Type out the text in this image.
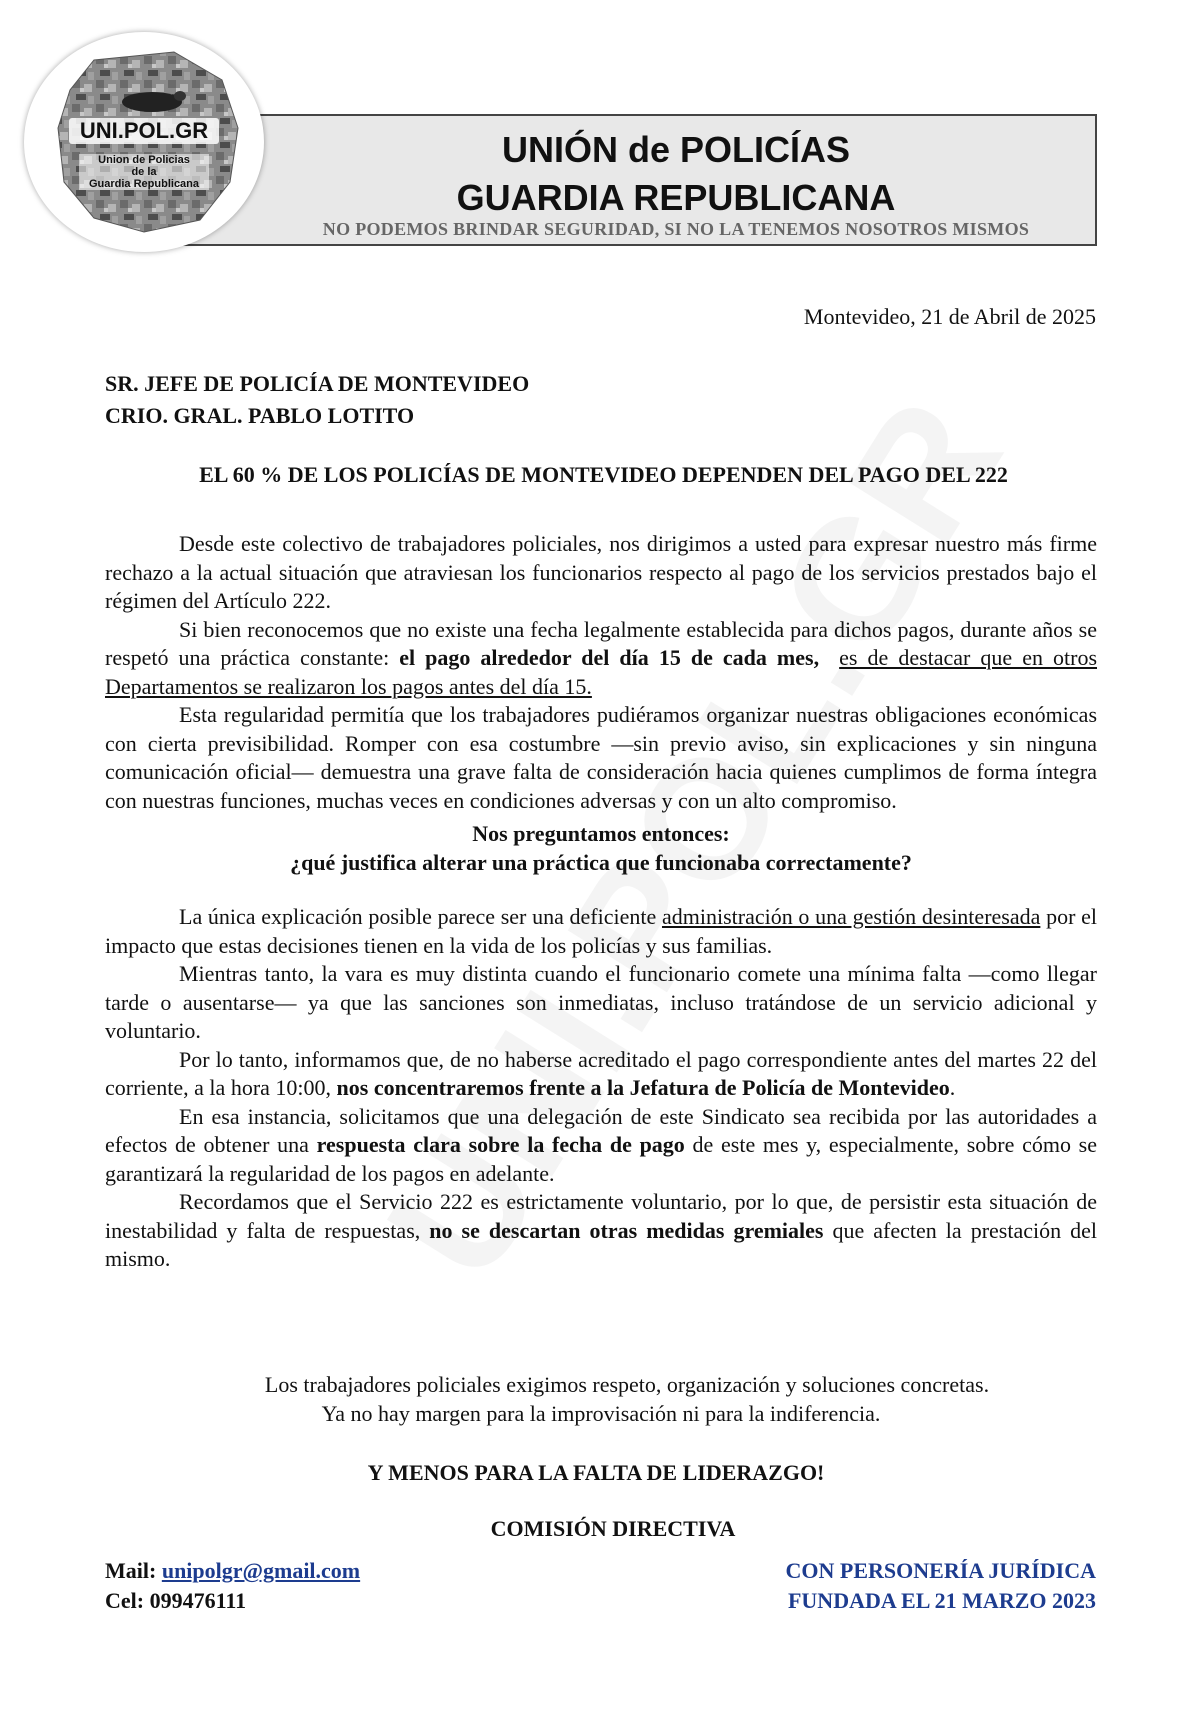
UNIÓN de POLICÍAS
GUARDIA REPUBLICANA
NO PODEMOS BRINDAR SEGURIDAD, SI NO LA TENEMOS NOSOTROS MISMOS
UNI.POL.GR
Union de Policias
de la
Guardia Republicana
Montevideo, 21 de Abril de 2025
SR. JEFE DE POLICÍA DE MONTEVIDEO
CRIO. GRAL. PABLO LOTITO
EL 60 % DE LOS POLICÍAS DE MONTEVIDEO DEPENDEN DEL PAGO DEL 222

Desde este colectivo de trabajadores policiales, nos dirigimos a usted para expresar nuestro más firme rechazo a la actual situación que atraviesan los funcionarios respecto al pago de los servicios prestados bajo el régimen del Artículo 222.

Si bien reconocemos que no existe una fecha legalmente establecida para dichos pagos, durante años se respetó una práctica constante: el pago alrededor del día 15 de cada mes, es de destacar que en otros Departamentos se realizaron los pagos antes del día 15.

Esta regularidad permitía que los trabajadores pudiéramos organizar nuestras obligaciones económicas con cierta previsibilidad. Romper con esa costumbre —sin previo aviso, sin explicaciones y sin ninguna comunicación oficial— demuestra una grave falta de consideración hacia quienes cumplimos de forma íntegra con nuestras funciones, muchas veces en condiciones adversas y con un alto compromiso.

Nos preguntamos entonces:

¿qué justifica alterar una práctica que funcionaba correctamente?

La única explicación posible parece ser una deficiente administración o una gestión desinteresada por el impacto que estas decisiones tienen en la vida de los policías y sus familias.

Mientras tanto, la vara es muy distinta cuando el funcionario comete una mínima falta —como llegar tarde o ausentarse— ya que las sanciones son inmediatas, incluso tratándose de un servicio adicional y voluntario.

Por lo tanto, informamos que, de no haberse acreditado el pago correspondiente antes del martes 22 del corriente, a la hora 10:00, nos concentraremos frente a la Jefatura de Policía de Montevideo.

En esa instancia, solicitamos que una delegación de este Sindicato sea recibida por las autoridades a efectos de obtener una respuesta clara sobre la fecha de pago de este mes y, especialmente, sobre cómo se garantizará la regularidad de los pagos en adelante.

Recordamos que el Servicio 222 es estrictamente voluntario, por lo que, de persistir esta situación de inestabilidad y falta de respuestas, no se descartan otras medidas gremiales que afecten la prestación del mismo.

Los trabajadores policiales exigimos respeto, organización y soluciones concretas.
Ya no hay margen para la improvisación ni para la indiferencia.
Y MENOS PARA LA FALTA DE LIDERAZGO!
COMISIÓN DIRECTIVA
Mail: unipolgr@gmail.com
Cel: 099476111
CON PERSONERÍA JURÍDICA
FUNDADA EL 21 MARZO 2023
